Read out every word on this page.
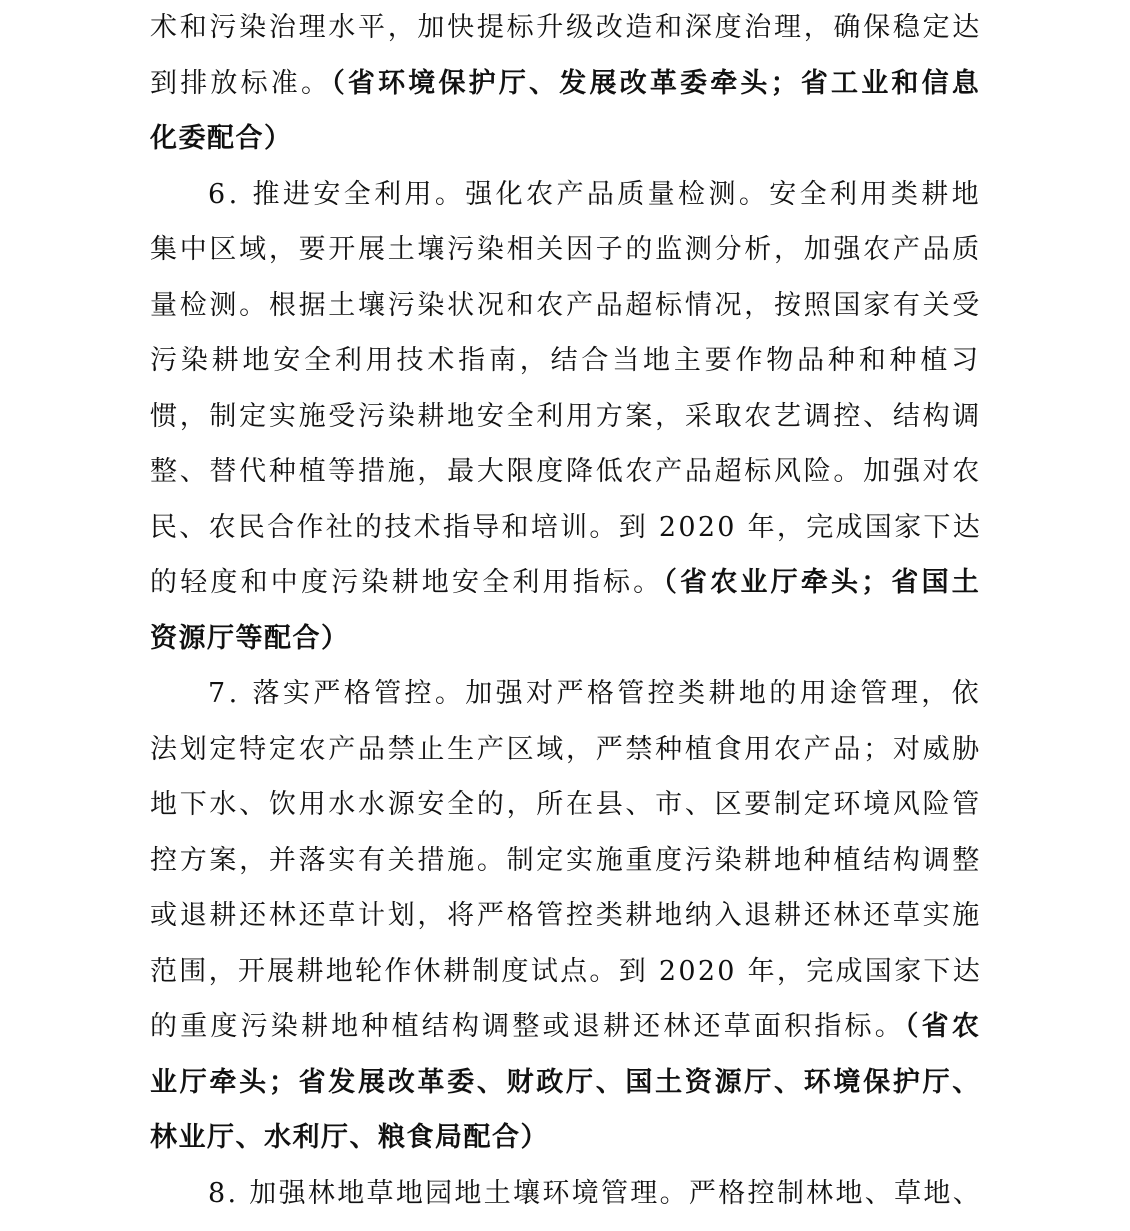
术和污染治理水平，加快提标升级改造和深度治理，确保稳定达
到排放标准。（省环境保护厅、发展改革委牵头；省工业和信息
化委配合）
6. 推进安全利用。强化农产品质量检测。安全利用类耕地
集中区域，要开展土壤污染相关因子的监测分析，加强农产品质
量检测。根据土壤污染状况和农产品超标情况，按照国家有关受
污染耕地安全利用技术指南，结合当地主要作物品种和种植习
惯，制定实施受污染耕地安全利用方案，采取农艺调控、结构调
整、替代种植等措施，最大限度降低农产品超标风险。加强对农
民、农民合作社的技术指导和培训。到 2020 年，完成国家下达
的轻度和中度污染耕地安全利用指标。（省农业厅牵头；省国土
资源厅等配合）
7. 落实严格管控。加强对严格管控类耕地的用途管理，依
法划定特定农产品禁止生产区域，严禁种植食用农产品；对威胁
地下水、饮用水水源安全的，所在县、市、区要制定环境风险管
控方案，并落实有关措施。制定实施重度污染耕地种植结构调整
或退耕还林还草计划，将严格管控类耕地纳入退耕还林还草实施
范围，开展耕地轮作休耕制度试点。到 2020 年，完成国家下达
的重度污染耕地种植结构调整或退耕还林还草面积指标。（省农
业厅牵头；省发展改革委、财政厅、国土资源厅、环境保护厅、
林业厅、水利厅、粮食局配合）
8. 加强林地草地园地土壤环境管理。严格控制林地、草地、
